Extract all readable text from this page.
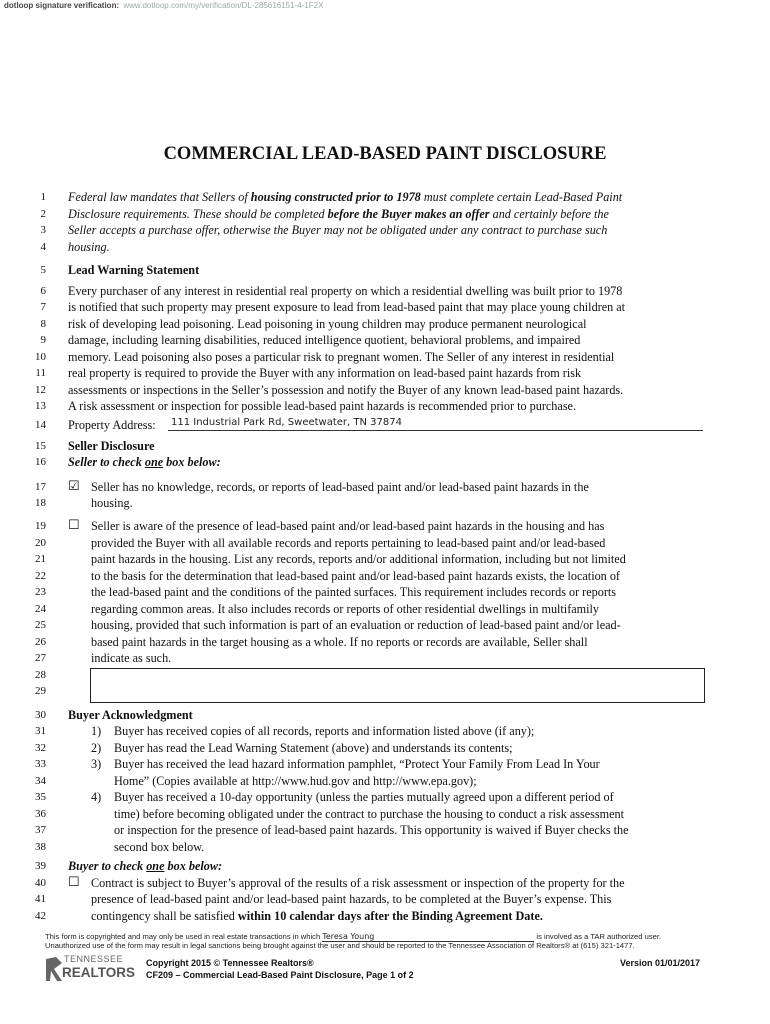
dotloop signature verification: www.dotloop.com/my/verification/DL-285616151-4-1F2X
COMMERCIAL LEAD-BASED PAINT DISCLOSURE
1
2
3
4
5
6
7
8
9
10
11
12
13
14
15
16
17
18
19
20
21
22
23
24
25
26
27
28
29
30
31
32
33
34
35
36
37
38
39
40
41
42
Federal law mandates that Sellers of housing constructed prior to 1978 must complete certain Lead-Based Paint
Disclosure requirements. These should be completed before the Buyer makes an offer and certainly before the
Seller accepts a purchase offer, otherwise the Buyer may not be obligated under any contract to purchase such
housing.
Lead Warning Statement
Every purchaser of any interest in residential real property on which a residential dwelling was built prior to 1978
is notified that such property may present exposure to lead from lead-based paint that may place young children at
risk of developing lead poisoning. Lead poisoning in young children may produce permanent neurological
damage, including learning disabilities, reduced intelligence quotient, behavioral problems, and impaired
memory. Lead poisoning also poses a particular risk to pregnant women. The Seller of any interest in residential
real property is required to provide the Buyer with any information on lead-based paint hazards from risk
assessments or inspections in the Seller’s possession and notify the Buyer of any known lead-based paint hazards.
A risk assessment or inspection for possible lead-based paint hazards is recommended prior to purchase.
Property Address: 111 Industrial Park Rd, Sweetwater, TN 37874
Seller Disclosure
Seller to check one box below:
☑ Seller has no knowledge, records, or reports of lead-based paint and/or lead-based paint hazards in the
housing.
☐ Seller is aware of the presence of lead-based paint and/or lead-based paint hazards in the housing and has
provided the Buyer with all available records and reports pertaining to lead-based paint and/or lead-based
paint hazards in the housing. List any records, reports and/or additional information, including but not limited
to the basis for the determination that lead-based paint and/or lead-based paint hazards exists, the location of
the lead-based paint and the conditions of the painted surfaces. This requirement includes records or reports
regarding common areas. It also includes records or reports of other residential dwellings in multifamily
housing, provided that such information is part of an evaluation or reduction of lead-based paint and/or lead-
based paint hazards in the target housing as a whole. If no reports or records are available, Seller shall
indicate as such.
Buyer Acknowledgment
1) Buyer has received copies of all records, reports and information listed above (if any);
2) Buyer has read the Lead Warning Statement (above) and understands its contents;
3) Buyer has received the lead hazard information pamphlet, “Protect Your Family From Lead In Your
Home” (Copies available at http://www.hud.gov and http://www.epa.gov);
4) Buyer has received a 10-day opportunity (unless the parties mutually agreed upon a different period of
time) before becoming obligated under the contract to purchase the housing to conduct a risk assessment
or inspection for the presence of lead-based paint hazards. This opportunity is waived if Buyer checks the
second box below.
Buyer to check one box below:
☐ Contract is subject to Buyer’s approval of the results of a risk assessment or inspection of the property for the
presence of lead-based paint and/or lead-based paint hazards, to be completed at the Buyer’s expense. This
contingency shall be satisfied within 10 calendar days after the Binding Agreement Date.
This form is copyrighted and may only be used in real estate transactions in which Teresa Young	is involved as a TAR authorized user.
Unauthorized use of the form may result in legal sanctions being brought against the user and should be reported to the Tennessee Association of Realtors® at (615) 321-1477.
TENNESSEE
REALTORS
Copyright 2015 © Tennessee Realtors®
CF209 – Commercial Lead-Based Paint Disclosure, Page 1 of 2
Version 01/01/2017
